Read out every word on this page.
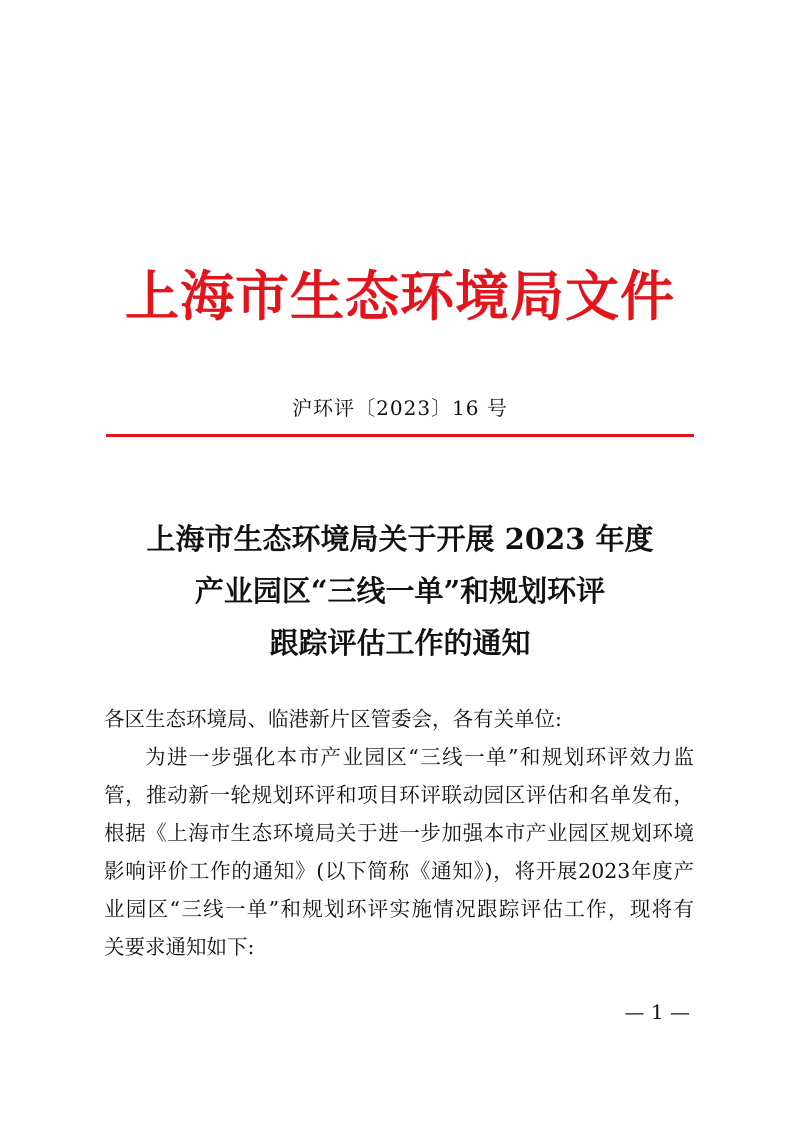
上海市生态环境局文件
沪环评〔2023〕16 号
上海市生态环境局关于开展 2023 年度
产业园区“三线一单”和规划环评
跟踪评估工作的通知
各区生态环境局、临港新片区管委会，各有关单位:
为进一步强化本市产业园区“三线一单”和规划环评效力监
管，推动新一轮规划环评和项目环评联动园区评估和名单发布，
根据《上海市生态环境局关于进一步加强本市产业园区规划环境
影响评价工作的通知》(以下简称《通知》)，将开展2023年度产
业园区“三线一单”和规划环评实施情况跟踪评估工作，现将有
关要求通知如下:
— 1 —
